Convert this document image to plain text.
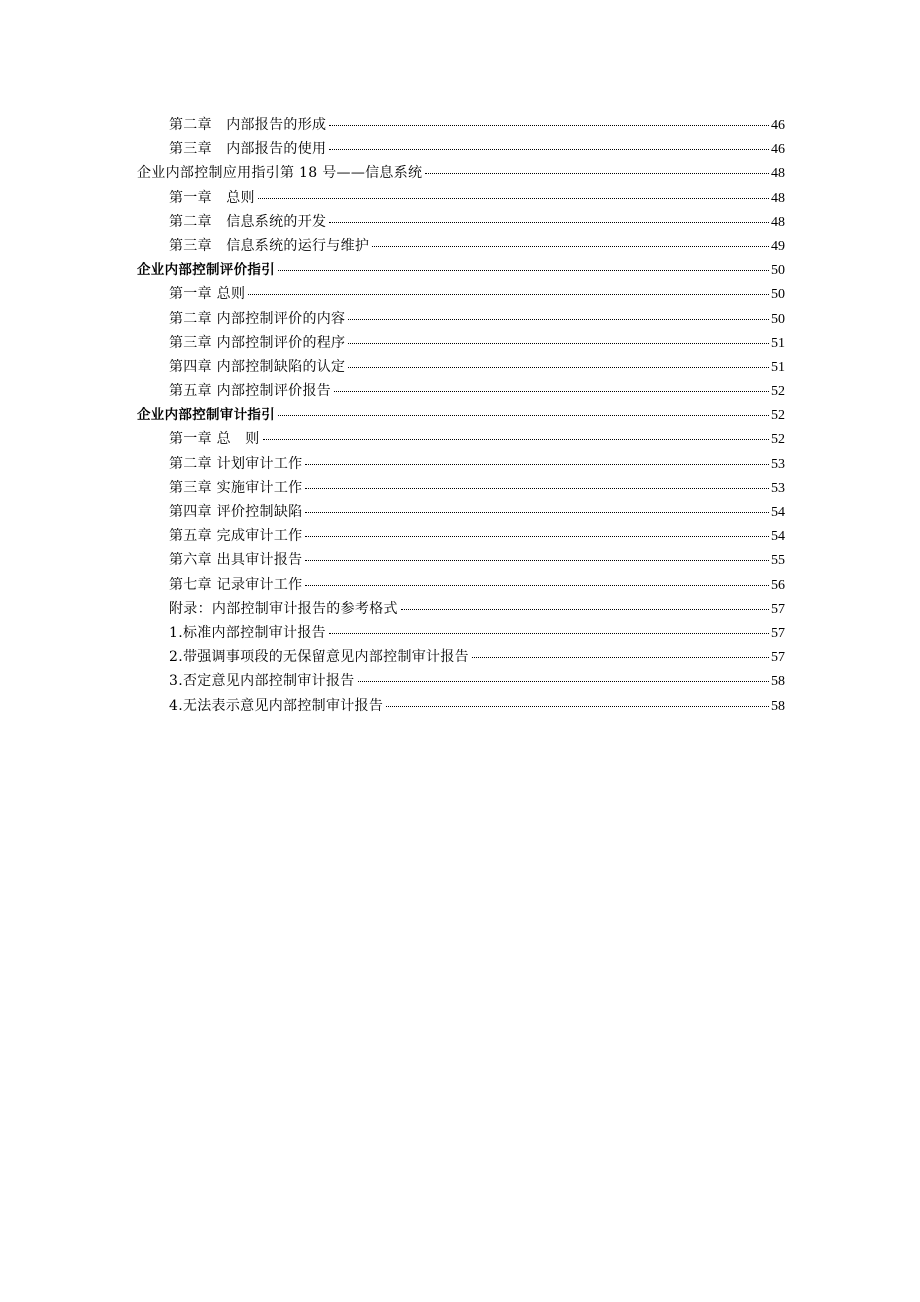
第二章　内部报告的形成	46
第三章　内部报告的使用	46
企业内部控制应用指引第 18 号——信息系统	48
第一章　总则	48
第二章　信息系统的开发	48
第三章　信息系统的运行与维护	49
企业内部控制评价指引	50
第一章 总则	50
第二章 内部控制评价的内容	50
第三章 内部控制评价的程序	51
第四章 内部控制缺陷的认定	51
第五章 内部控制评价报告	52
企业内部控制审计指引	52
第一章 总　则	52
第二章 计划审计工作	53
第三章 实施审计工作	53
第四章 评价控制缺陷	54
第五章 完成审计工作	54
第六章 出具审计报告	55
第七章 记录审计工作	56
附录：内部控制审计报告的参考格式	57
1.标准内部控制审计报告	57
2.带强调事项段的无保留意见内部控制审计报告	57
3.否定意见内部控制审计报告	58
4.无法表示意见内部控制审计报告	58
